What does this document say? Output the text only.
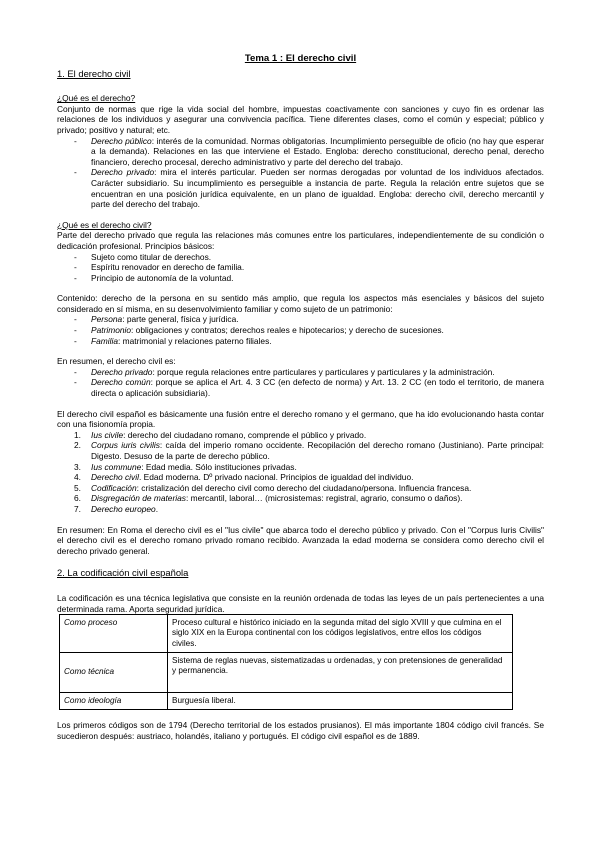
Tema 1 : El derecho civil
1. El derecho civil
¿Qué es el derecho?

Conjunto de normas que rige la vida social del hombre, impuestas coactivamente con sanciones y cuyo fin es ordenar las relaciones de los individuos y asegurar una convivencia pacífica. Tiene diferentes clases, como el común y especial; público y privado; positivo y natural; etc.

- Derecho público: interés de la comunidad. Normas obligatorias. Incumplimiento perseguible de oficio (no hay que esperar a la demanda). Relaciones en las que interviene el Estado. Engloba: derecho constitucional, derecho penal, derecho financiero, derecho procesal, derecho administrativo y parte del derecho del trabajo.
- Derecho privado: mira el interés particular. Pueden ser normas derogadas por voluntad de los individuos afectados. Carácter subsidiario. Su incumplimiento es perseguible a instancia de parte. Regula la relación entre sujetos que se encuentran en una posición jurídica equivalente, en un plano de igualdad. Engloba: derecho civil, derecho mercantil y parte del derecho del trabajo.
¿Qué es el derecho civil?

Parte del derecho privado que regula las relaciones más comunes entre los particulares, independientemente de su condición o dedicación profesional. Principios básicos:

- Sujeto como titular de derechos.
- Espíritu renovador en derecho de familia.
- Principio de autonomía de la voluntad.

Contenido: derecho de la persona en su sentido más amplio, que regula los aspectos más esenciales y básicos del sujeto considerado en sí misma, en su desenvolvimiento familiar y como sujeto de un patrimonio:

- Persona: parte general, física y jurídica.
- Patrimonio: obligaciones y contratos; derechos reales e hipotecarios; y derecho de sucesiones.
- Familia: matrimonial y relaciones paterno filiales.

En resumen, el derecho civil es:

- Derecho privado: porque regula relaciones entre particulares y particulares y particulares y la administración.
- Derecho común: porque se aplica el Art. 4. 3 CC (en defecto de norma) y Art. 13. 2 CC (en todo el territorio, de manera directa o aplicación subsidiaria).

El derecho civil español es básicamente una fusión entre el derecho romano y el germano, que ha ido evolucionando hasta contar con una fisionomía propia.

1. Ius civile: derecho del ciudadano romano, comprende el público y privado.
2. Corpus iuris civilis: caída del imperio romano occidente. Recopilación del derecho romano (Justiniano). Parte principal: Digesto. Desuso de la parte de derecho público.
3. Ius commune: Edad media. Sólo instituciones privadas.
4. Derecho civil. Edad moderna. Dº privado nacional. Principios de igualdad del individuo.
5. Codificación: cristalización del derecho civil como derecho del ciudadano/persona. Influencia francesa.
6. Disgregación de materias: mercantil, laboral… (microsistemas: registral, agrario, consumo o daños).
7. Derecho europeo.

En resumen: En Roma el derecho civil es el "Ius civile" que abarca todo el derecho público y privado. Con el "Corpus Iuris Civilis" el derecho civil es el derecho romano privado romano recibido. Avanzada la edad moderna se considera como derecho civil el derecho privado general.

2. La codificación civil española

La codificación es una técnica legislativa que consiste en la reunión ordenada de todas las leyes de un país pertenecientes a una determinada rama. Aporta seguridad jurídica.

Como proceso	Proceso cultural e histórico iniciado en la segunda mitad del siglo XVIII y que culmina en el siglo XIX en la Europa continental con los códigos legislativos, entre ellos los códigos civiles.
Como técnica	Sistema de reglas nuevas, sistematizadas u ordenadas, y con pretensiones de generalidad y permanencia.
Como ideología	Burguesía liberal.

Los primeros códigos son de 1794 (Derecho territorial de los estados prusianos). El más importante 1804 código civil francés. Se sucedieron después: austriaco, holandés, italiano y portugués. El código civil español es de 1889.
